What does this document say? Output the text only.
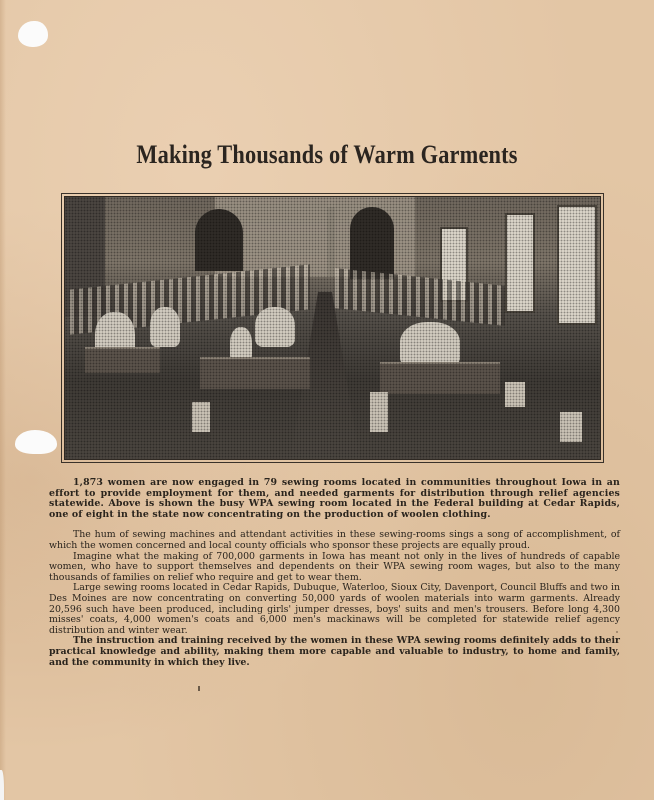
Making Thousands of Warm Garments

1,873 women are now engaged in 79 sewing rooms located in communities throughout Iowa in an effort to provide employment for them, and needed garments for distribution through relief agencies statewide. Above is shown the busy WPA sewing room located in the Federal building at Cedar Rapids, one of eight in the state now concentrating on the production of woolen clothing.

The hum of sewing machines and attendant activities in these sewing-rooms sings a song of accomplishment, of which the women concerned and local county officials who sponsor these projects are equally proud.

Imagine what the making of 700,000 garments in Iowa has meant not only in the lives of hundreds of capable women, who have to support themselves and dependents on their WPA sewing room wages, but also to the many thousands of families on relief who require and get to wear them.

Large sewing rooms located in Cedar Rapids, Dubuque, Waterloo, Sioux City, Davenport, Council Bluffs and two in Des Moines are now concentrating on converting 50,000 yards of woolen materials into warm garments. Already 20,596 such have been produced, including girls' jumper dresses, boys' suits and men's trousers. Before long 4,300 misses' coats, 4,000 women's coats and 6,000 men's mackinaws will be completed for statewide relief agency distribution and winter wear.

The instruction and training received by the women in these WPA sewing rooms definitely adds to their practical knowledge and ability, making them more capable and valuable to industry, to home and family, and the community in which they live.
